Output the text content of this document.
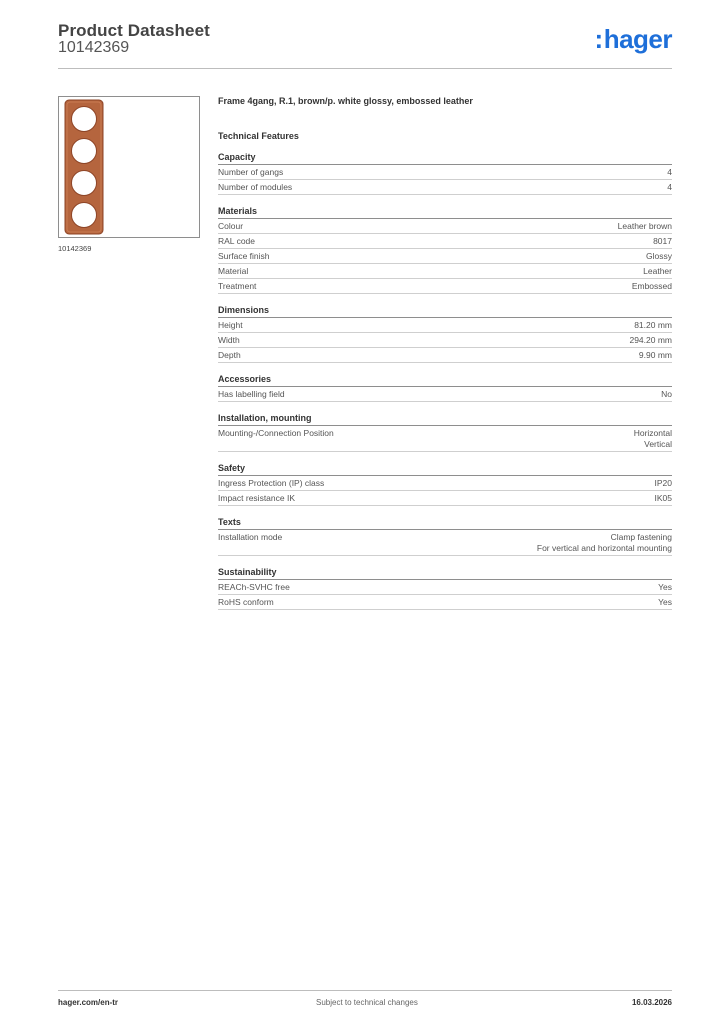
Product Datasheet
10142369	:hager
10142369
Frame 4gang, R.1, brown/p. white glossy, embossed leather
Technical Features
Capacity
Number of gangs	4
Number of modules	4
Materials
Colour	Leather brown
RAL code	8017
Surface finish	Glossy
Material	Leather
Treatment	Embossed
Dimensions
Height	81.20 mm
Width	294.20 mm
Depth	9.90 mm
Accessories
Has labelling field	No
Installation, mounting
Mounting-/Connection Position	Horizontal
Vertical
Safety
Ingress Protection (IP) class	IP20
Impact resistance IK	IK05
Texts
Installation mode	Clamp fastening
For vertical and horizontal mounting
Sustainability
REACh-SVHC free	Yes
RoHS conform	Yes
hager.com/en-tr	Subject to technical changes	16.03.2026
